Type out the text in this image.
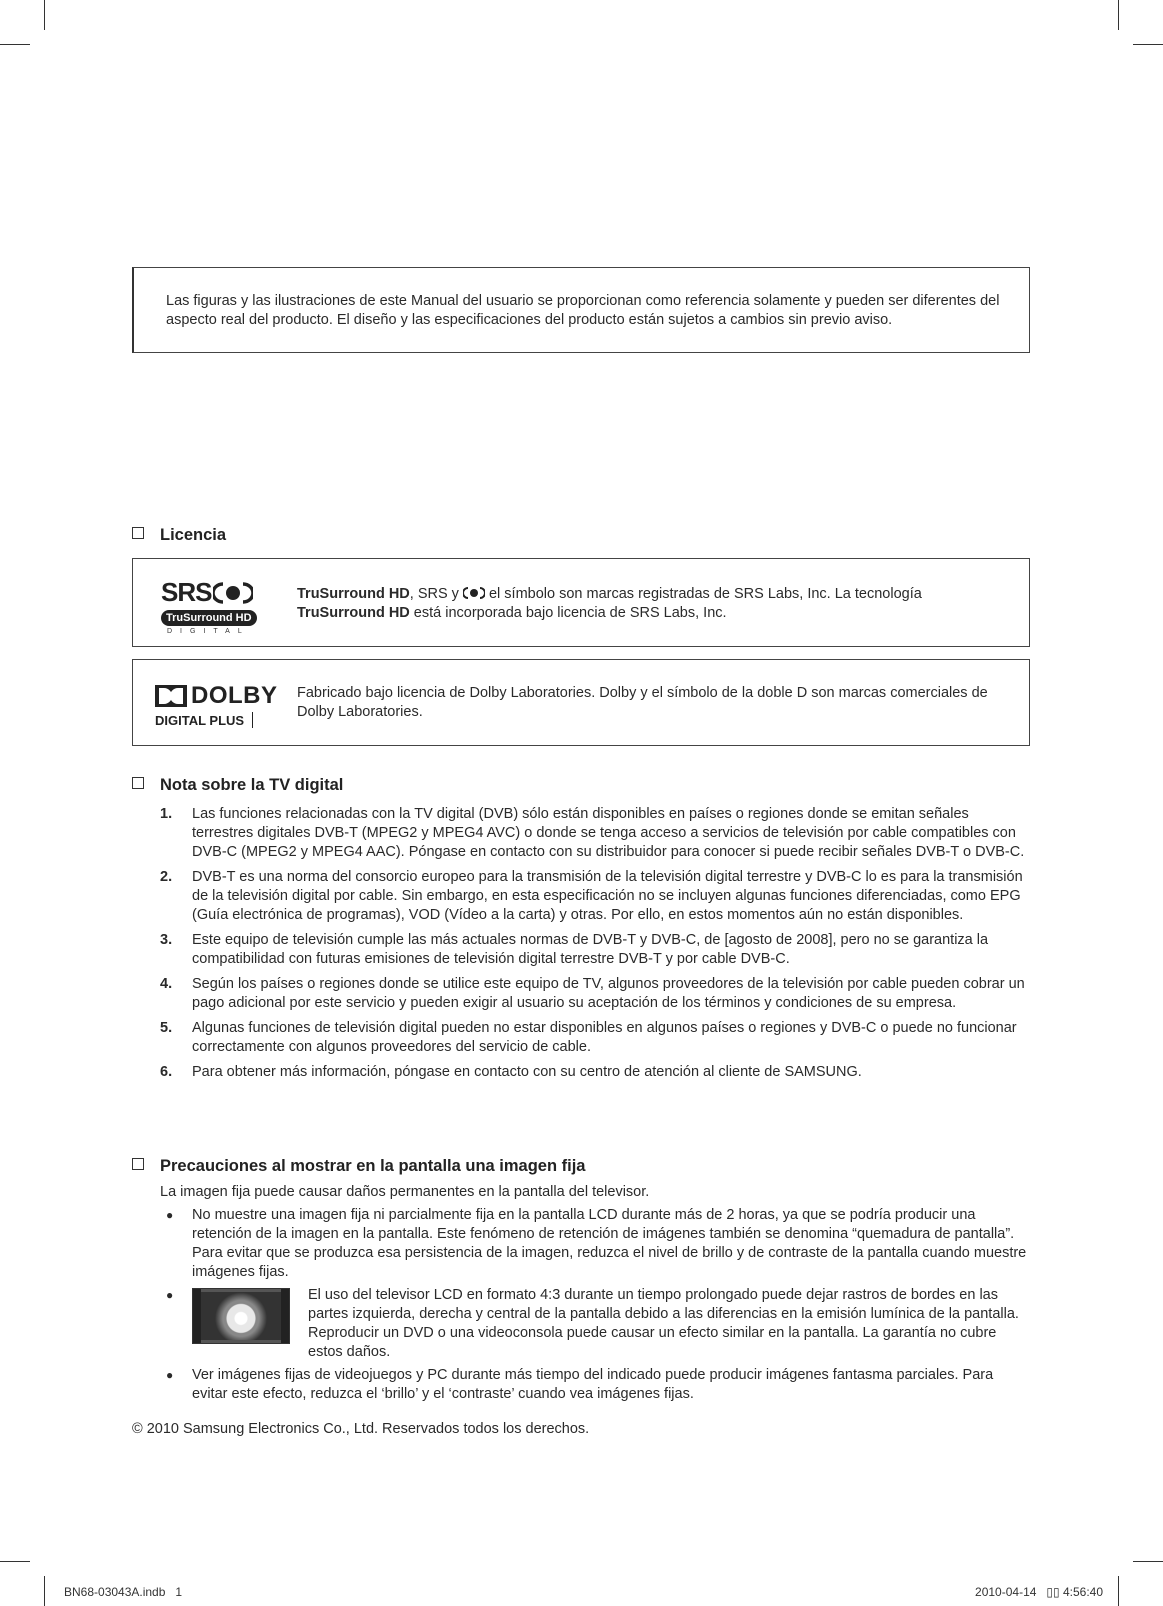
Las figuras y las ilustraciones de este Manual del usuario se proporcionan como referencia solamente y pueden ser diferentes del aspecto real del producto. El diseño y las especificaciones del producto están sujetos a cambios sin previo aviso.
Licencia
SRS
TruSurround HD
DIGITAL
TruSurround HD, SRS y  el símbolo son marcas registradas de SRS Labs, Inc. La tecnología TruSurround HD está incorporada bajo licencia de SRS Labs, Inc.
DOLBY
DIGITAL PLUS
Fabricado bajo licencia de Dolby Laboratories. Dolby y el símbolo de la doble D son marcas comerciales de Dolby Laboratories.
Nota sobre la TV digital
1.	Las funciones relacionadas con la TV digital (DVB) sólo están disponibles en países o regiones donde se emitan señales terrestres digitales DVB-T (MPEG2 y MPEG4 AVC) o donde se tenga acceso a servicios de televisión por cable compatibles con DVB-C (MPEG2 y MPEG4 AAC). Póngase en contacto con su distribuidor para conocer si puede recibir señales DVB-T o DVB-C.
2.	DVB-T es una norma del consorcio europeo para la transmisión de la televisión digital terrestre y DVB-C lo es para la transmisión de la televisión digital por cable. Sin embargo, en esta especificación no se incluyen algunas funciones diferenciadas, como EPG (Guía electrónica de programas), VOD (Vídeo a la carta) y otras. Por ello, en estos momentos aún no están disponibles.
3.	Este equipo de televisión cumple las más actuales normas de DVB-T y DVB-C, de [agosto de 2008], pero no se garantiza la compatibilidad con futuras emisiones de televisión digital terrestre DVB-T y por cable DVB-C.
4.	Según los países o regiones donde se utilice este equipo de TV, algunos proveedores de la televisión por cable pueden cobrar un pago adicional por este servicio y pueden exigir al usuario su aceptación de los términos y condiciones de su empresa.
5.	Algunas funciones de televisión digital pueden no estar disponibles en algunos países o regiones y DVB-C o puede no funcionar correctamente con algunos proveedores del servicio de cable.
6.	Para obtener más información, póngase en contacto con su centro de atención al cliente de SAMSUNG.
Precauciones al mostrar en la pantalla una imagen fija
La imagen fija puede causar daños permanentes en la pantalla del televisor.
●	No muestre una imagen fija ni parcialmente fija en la pantalla LCD durante más de 2 horas, ya que se podría producir una retención de la imagen en la pantalla. Este fenómeno de retención de imágenes también se denomina “quemadura de pantalla”. Para evitar que se produzca esa persistencia de la imagen, reduzca el nivel de brillo y de contraste de la pantalla cuando muestre imágenes fijas.
●	El uso del televisor LCD en formato 4:3 durante un tiempo prolongado puede dejar rastros de bordes en las partes izquierda, derecha y central de la pantalla debido a las diferencias en la emisión lumínica de la pantalla. Reproducir un DVD o una videoconsola puede causar un efecto similar en la pantalla. La garantía no cubre estos daños.
●	Ver imágenes fijas de videojuegos y PC durante más tiempo del indicado puede producir imágenes fantasma parciales. Para evitar este efecto, reduzca el ‘brillo’ y el ‘contraste’ cuando vea imágenes fijas.
© 2010 Samsung Electronics Co., Ltd. Reservados todos los derechos.
BN68-03043A.indb   1	2010-04-14   ▯▯ 4:56:40
